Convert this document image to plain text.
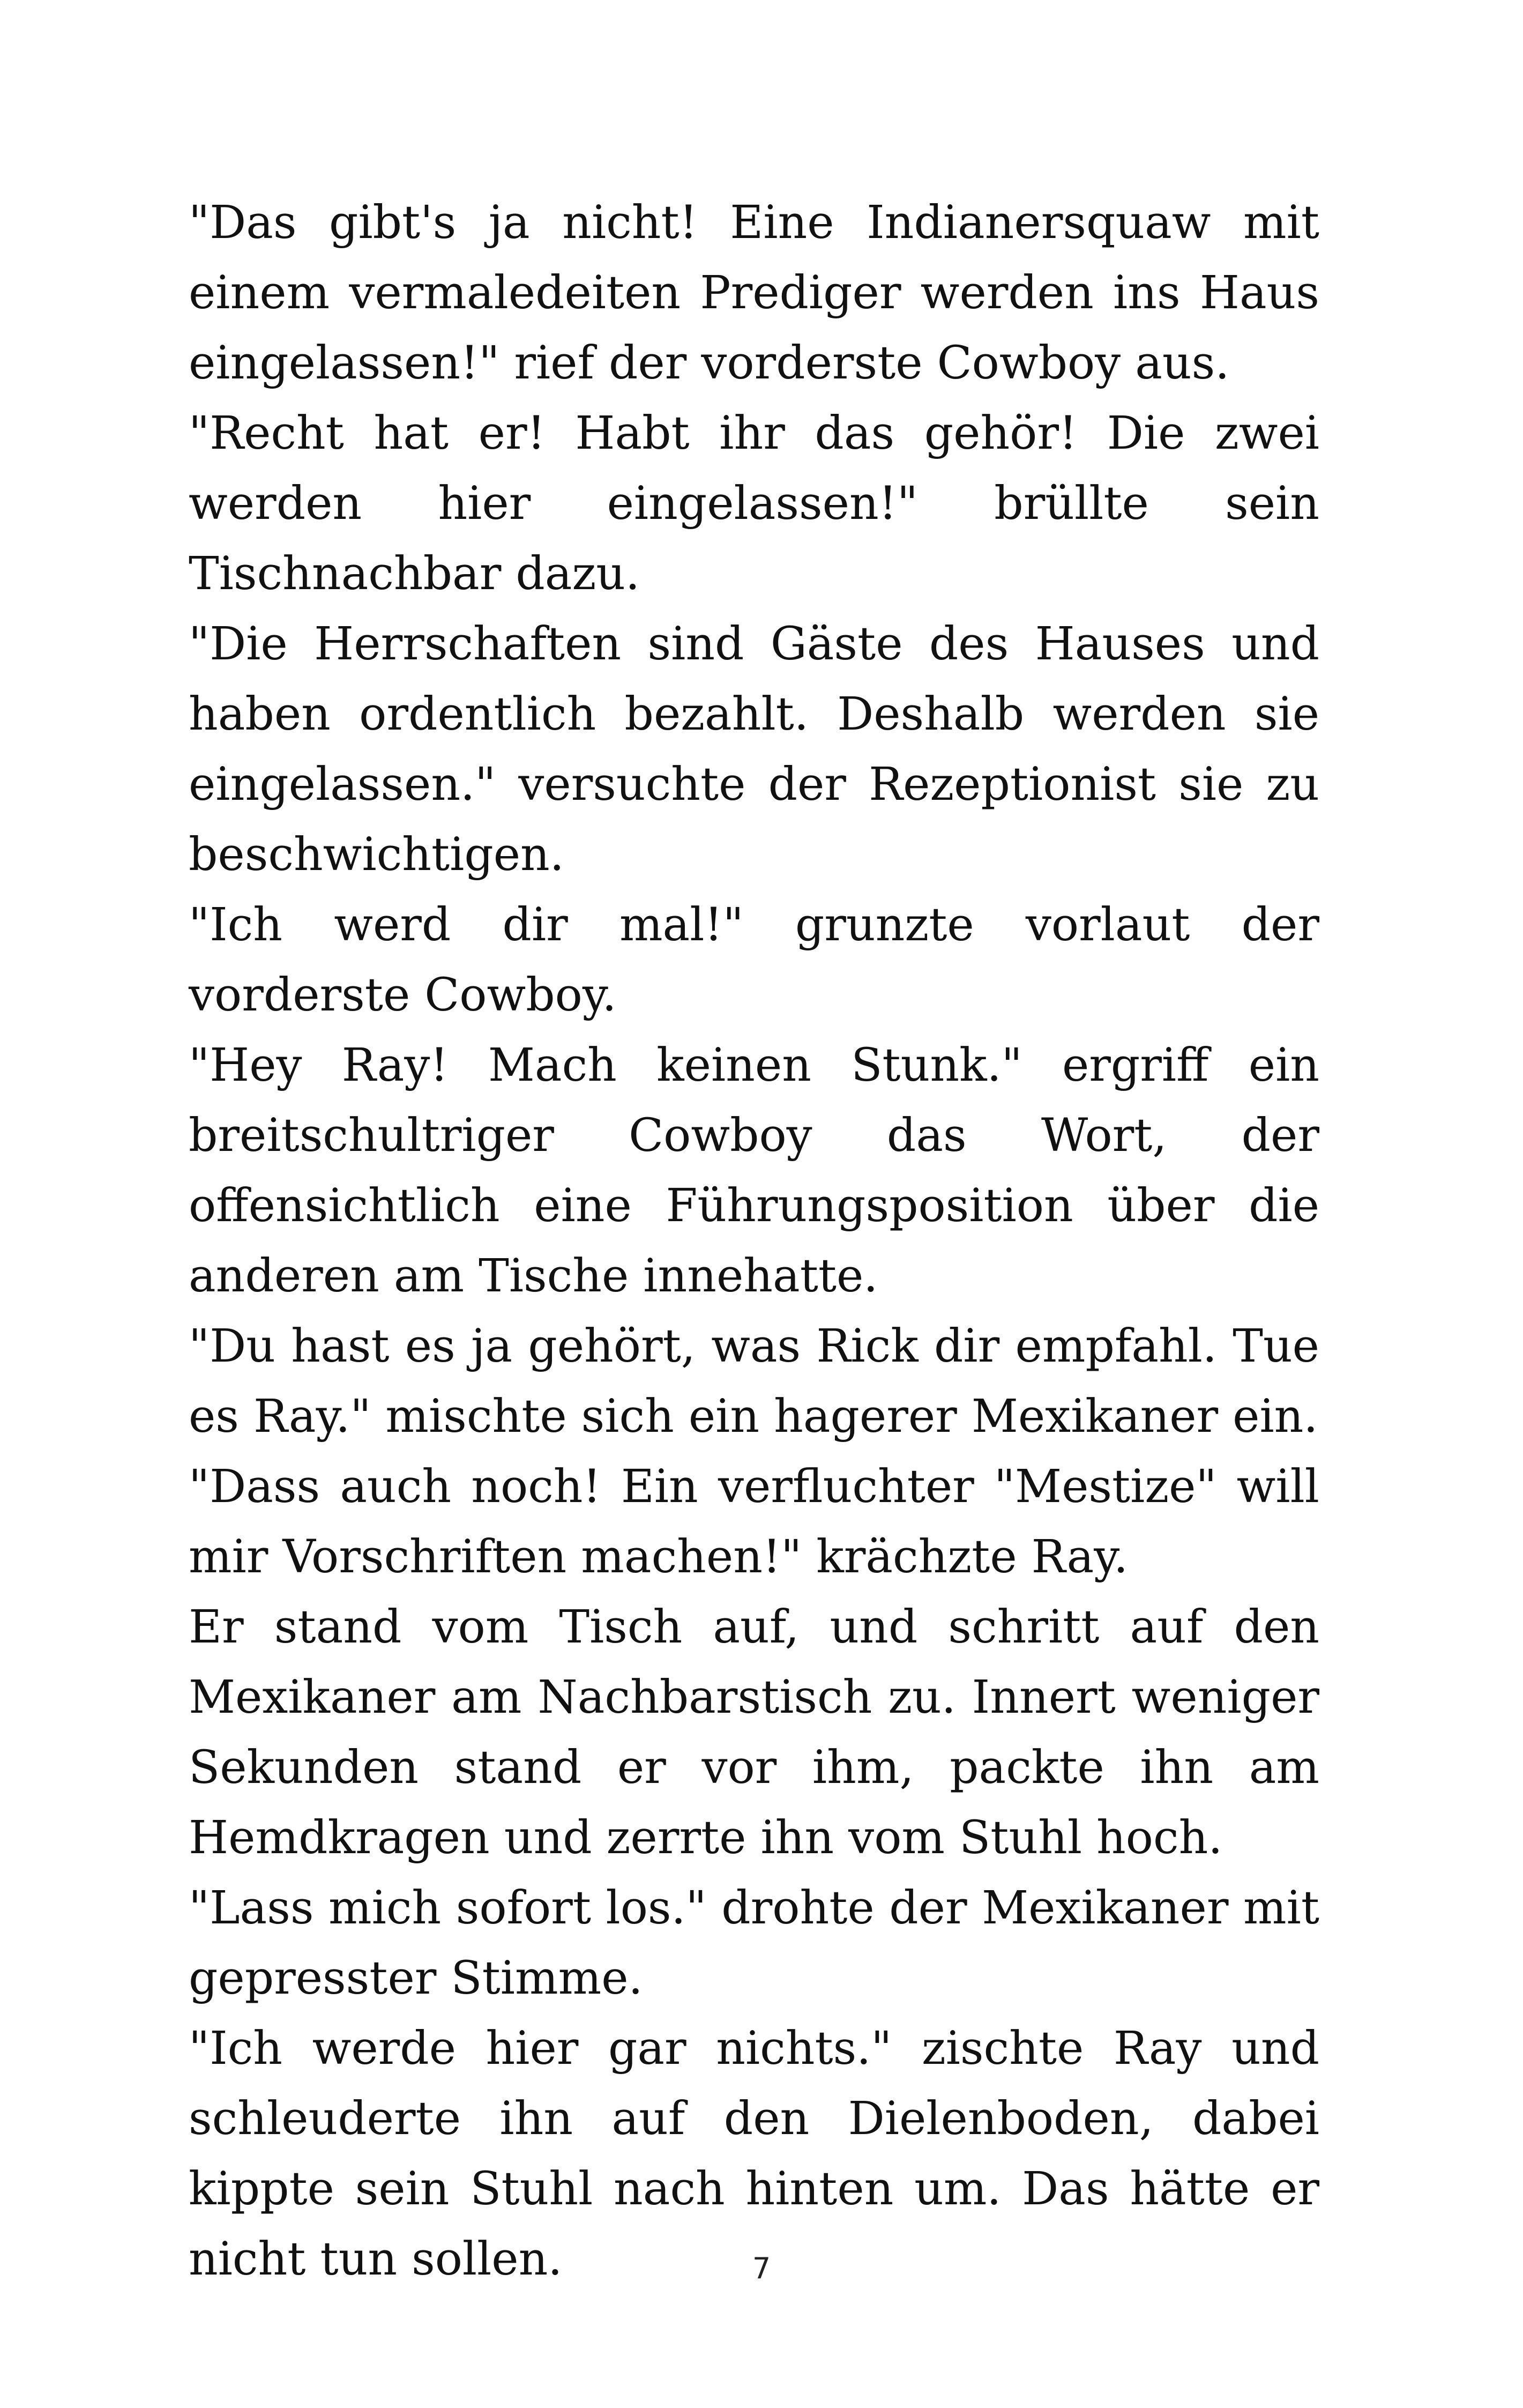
"Das gibt's ja nicht! Eine Indianersquaw mit einem vermaledeiten Prediger werden ins Haus eingelassen!" rief der vorderste Cowboy aus.

"Recht hat er! Habt ihr das gehör! Die zwei werden hier eingelassen!" brüllte sein Tischnachbar dazu.

"Die Herrschaften sind Gäste des Hauses und haben ordentlich bezahlt. Deshalb werden sie eingelassen." versuchte der Rezeptionist sie zu beschwichtigen.

"Ich werd dir mal!" grunzte vorlaut der vorderste Cowboy.

"Hey Ray! Mach keinen Stunk." ergriff ein breitschultriger Cowboy das Wort, der offensichtlich eine Führungsposition über die anderen am Tische innehatte.

"Du hast es ja gehört, was Rick dir empfahl. Tue es Ray." mischte sich ein hagerer Mexikaner ein.

"Dass auch noch! Ein verfluchter "Mestize" will mir Vorschriften machen!" krächzte Ray.

Er stand vom Tisch auf, und schritt auf den Mexikaner am Nachbarstisch zu. Innert weniger Sekunden stand er vor ihm, packte ihn am Hemdkragen und zerrte ihn vom Stuhl hoch.

"Lass mich sofort los." drohte der Mexikaner mit gepresster Stimme.

"Ich werde hier gar nichts." zischte Ray und schleuderte ihn auf den Dielenboden, dabei kippte sein Stuhl nach hinten um. Das hätte er nicht tun sollen.	7
